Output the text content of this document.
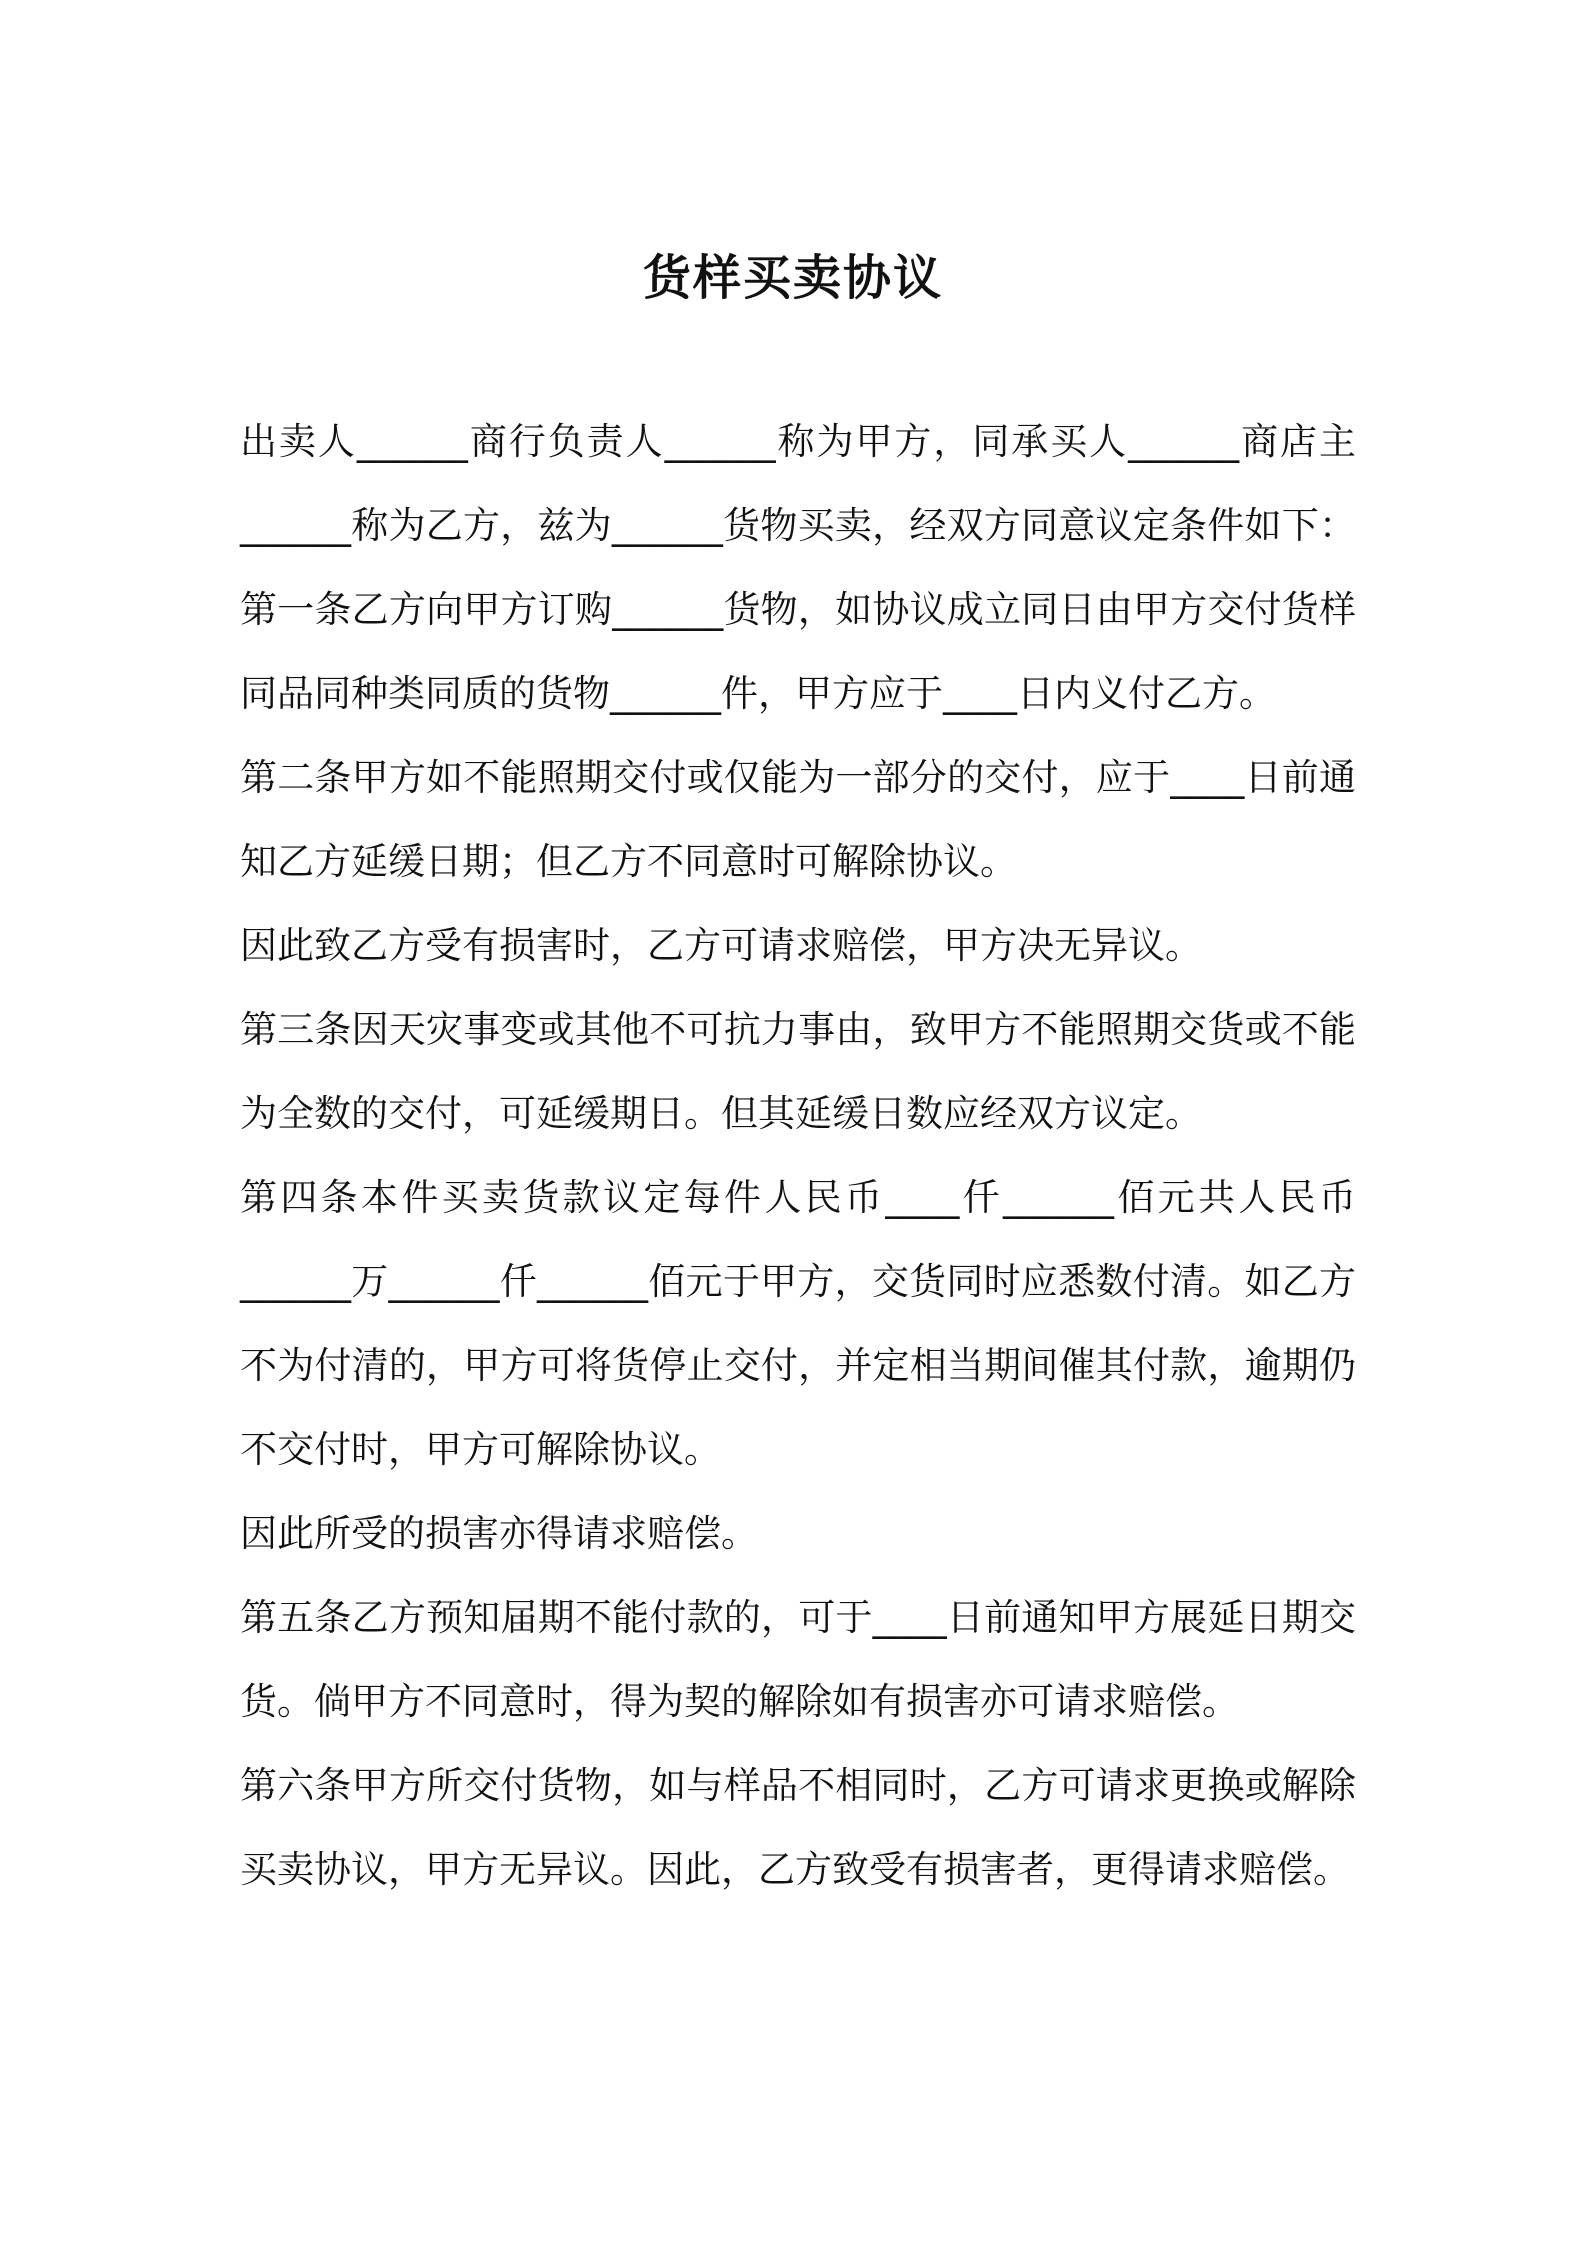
货样买卖协议

出卖人______商行负责人______称为甲方，同承买人______商店主______称为乙方，兹为______货物买卖，经双方同意议定条件如下：第一条乙方向甲方订购______货物，如协议成立同日由甲方交付货样同品同种类同质的货物______件，甲方应于____日内义付乙方。

第二条甲方如不能照期交付或仅能为一部分的交付，应于____日前通知乙方延缓日期；但乙方不同意时可解除协议。

因此致乙方受有损害时，乙方可请求赔偿，甲方决无异议。

第三条因天灾事变或其他不可抗力事由，致甲方不能照期交货或不能为全数的交付，可延缓期日。但其延缓日数应经双方议定。

第四条本件买卖货款议定每件人民币____仟______佰元共人民币______万______仟______佰元于甲方，交货同时应悉数付清。如乙方不为付清的，甲方可将货停止交付，并定相当期间催其付款，逾期仍不交付时，甲方可解除协议。

因此所受的损害亦得请求赔偿。

第五条乙方预知届期不能付款的，可于____日前通知甲方展延日期交货。倘甲方不同意时，得为契的解除如有损害亦可请求赔偿。

第六条甲方所交付货物，如与样品不相同时，乙方可请求更换或解除买卖协议，甲方无异议。因此，乙方致受有损害者，更得请求赔偿。
